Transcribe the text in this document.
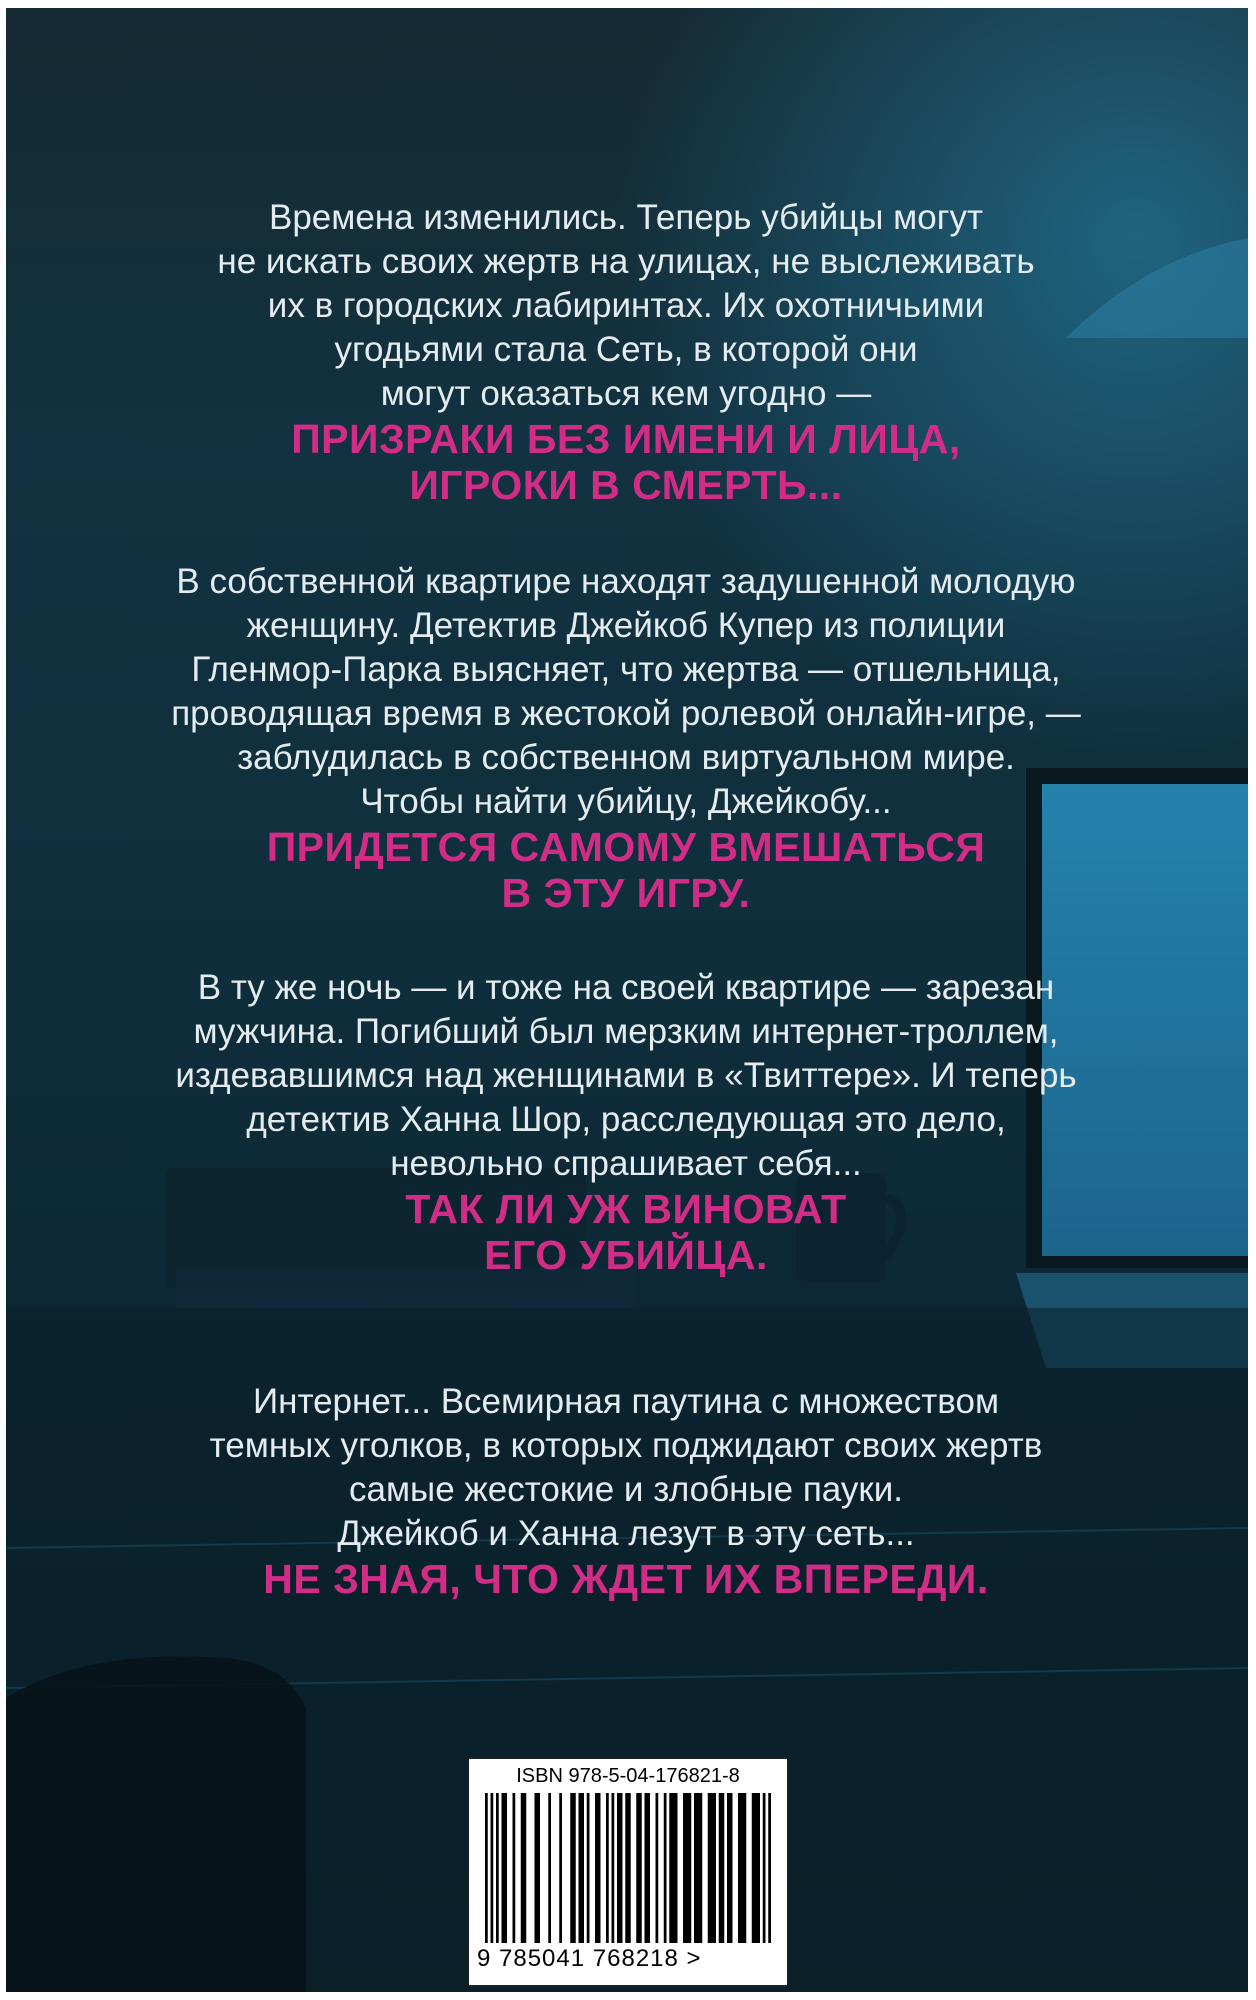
Времена изменились. Теперь убийцы могут
не искать своих жертв на улицах, не выслеживать
их в городских лабиринтах. Их охотничьими
угодьями стала Сеть, в которой они
могут оказаться кем угодно —
ПРИЗРАКИ БЕЗ ИМЕНИ И ЛИЦА,
ИГРОКИ В СМЕРТЬ...
В собственной квартире находят задушенной молодую
женщину. Детектив Джейкоб Купер из полиции
Гленмор-Парка выясняет, что жертва — отшельница,
проводящая время в жестокой ролевой онлайн-игре, —
заблудилась в собственном виртуальном мире.
Чтобы найти убийцу, Джейкобу...
ПРИДЕТСЯ САМОМУ ВМЕШАТЬСЯ
В ЭТУ ИГРУ.
В ту же ночь — и тоже на своей квартире — зарезан
мужчина. Погибший был мерзким интернет-троллем,
издевавшимся над женщинами в «Твиттере». И теперь
детектив Ханна Шор, расследующая это дело,
невольно спрашивает себя...
ТАК ЛИ УЖ ВИНОВАТ
ЕГО УБИЙЦА.
Интернет... Всемирная паутина с множеством
темных уголков, в которых поджидают своих жертв
самые жестокие и злобные пауки.
Джейкоб и Ханна лезут в эту сеть...
НЕ ЗНАЯ, ЧТО ЖДЕТ ИХ ВПЕРЕДИ.
ISBN 978-5-04-176821-8
9 785041 768218 >
